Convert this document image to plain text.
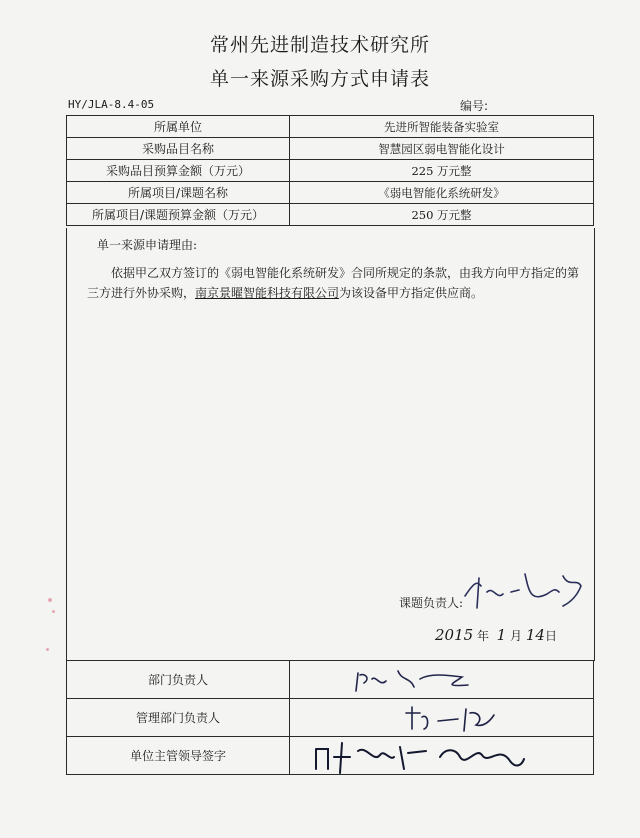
常州先进制造技术研究所
单一来源采购方式申请表
HY/JLA-8.4-05	编号:
所属单位	先进所智能装备实验室
采购品目名称	智慧园区弱电智能化设计
采购品目预算金额（万元）	225 万元整
所属项目/课题名称	《弱电智能化系统研发》
所属项目/课题预算金额（万元）	250 万元整
单一来源申请理由:
依据甲乙双方签订的《弱电智能化系统研发》合同所规定的条款，由我方向甲方指定的第三方进行外协采购，南京景曜智能科技有限公司为该设备甲方指定供应商。
课题负责人:
2015 年 1 月 14日
部门负责人	

管理部门负责人	

单位主管领导签字	
